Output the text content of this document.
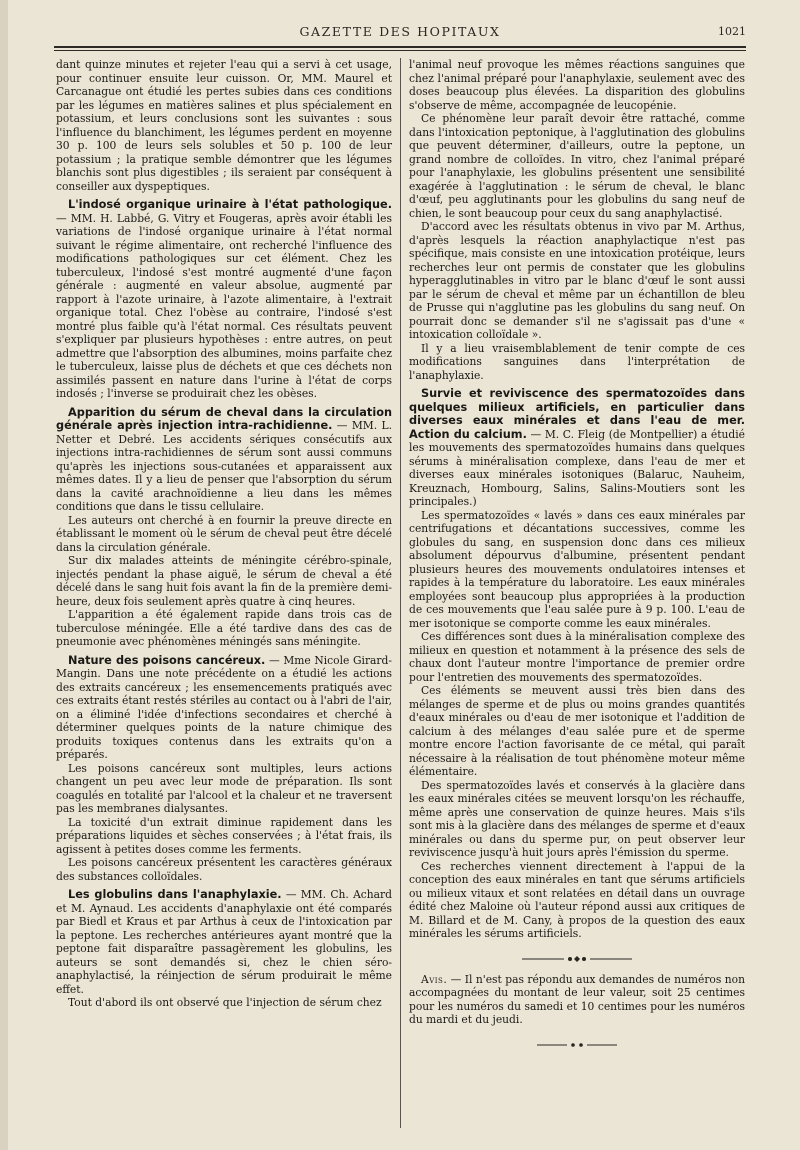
GAZETTE DES HOPITAUX	1021

dant quinze minutes et rejeter l'eau qui a servi à cet usage, pour continuer ensuite leur cuisson. Or, MM. Maurel et Carcanague ont étudié les pertes subies dans ces conditions par les légumes en matières salines et plus spécialement en potassium, et leurs conclusions sont les suivantes : sous l'influence du blanchiment, les légumes perdent en moyenne 30 p. 100 de leurs sels solubles et 50 p. 100 de leur potassium ; la pratique semble démontrer que les légumes blanchis sont plus digestibles ; ils seraient par conséquent à conseiller aux dyspeptiques.

L'indosé organique urinaire à l'état pathologique. — MM. H. Labbé, G. Vitry et Fougeras, après avoir établi les variations de l'indosé organique urinaire à l'état normal suivant le régime alimentaire, ont recherché l'influence des modifications pathologiques sur cet élément. Chez les tuberculeux, l'indosé s'est montré augmenté d'une façon générale : augmenté en valeur absolue, augmenté par rapport à l'azote urinaire, à l'azote alimentaire, à l'extrait organique total. Chez l'obèse au contraire, l'indosé s'est montré plus faible qu'à l'état normal. Ces résultats peuvent s'expliquer par plusieurs hypothèses : entre autres, on peut admettre que l'absorption des albumines, moins parfaite chez le tuberculeux, laisse plus de déchets et que ces déchets non assimilés passent en nature dans l'urine à l'état de corps indosés ; l'inverse se produirait chez les obèses.

Apparition du sérum de cheval dans la circulation générale après injection intra-rachidienne. — MM. L. Netter et Debré. Les accidents sériques consécutifs aux injections intra-rachidiennes de sérum sont aussi communs qu'après les injections sous-cutanées et apparaissent aux mêmes dates. Il y a lieu de penser que l'absorption du sérum dans la cavité arachnoïdienne a lieu dans les mêmes conditions que dans le tissu cellulaire.

Les auteurs ont cherché à en fournir la preuve directe en établissant le moment où le sérum de cheval peut être décelé dans la circulation générale.

Sur dix malades atteints de méningite cérébro-spinale, injectés pendant la phase aiguë, le sérum de cheval a été décelé dans le sang huit fois avant la fin de la première demi-heure, deux fois seulement après quatre à cinq heures.

L'apparition a été également rapide dans trois cas de tuberculose méningée. Elle a été tardive dans des cas de pneumonie avec phénomènes méningés sans méningite.

Nature des poisons cancéreux. — Mme Nicole Girard-Mangin. Dans une note précédente on a étudié les actions des extraits cancéreux ; les ensemencements pratiqués avec ces extraits étant restés stériles au contact ou à l'abri de l'air, on a éliminé l'idée d'infections secondaires et cherché à déterminer quelques points de la nature chimique des produits toxiques contenus dans les extraits qu'on a préparés.

Les poisons cancéreux sont multiples, leurs actions changent un peu avec leur mode de préparation. Ils sont coagulés en totalité par l'alcool et la chaleur et ne traversent pas les membranes dialysantes.

La toxicité d'un extrait diminue rapidement dans les préparations liquides et sèches conservées ; à l'état frais, ils agissent à petites doses comme les ferments.

Les poisons cancéreux présentent les caractères généraux des substances colloïdales.

Les globulins dans l'anaphylaxie. — MM. Ch. Achard et M. Aynaud. Les accidents d'anaphylaxie ont été comparés par Biedl et Kraus et par Arthus à ceux de l'intoxication par la peptone. Les recherches antérieures ayant montré que la peptone fait disparaître passagèrement les globulins, les auteurs se sont demandés si, chez le chien séro-anaphylactisé, la réinjection de sérum produirait le même effet.

Tout d'abord ils ont observé que l'injection de sérum chez

l'animal neuf provoque les mêmes réactions sanguines que chez l'animal préparé pour l'anaphylaxie, seulement avec des doses beaucoup plus élevées. La disparition des globulins s'observe de même, accompagnée de leucopénie.

Ce phénomène leur paraît devoir être rattaché, comme dans l'intoxication peptonique, à l'agglutination des globulins que peuvent déterminer, d'ailleurs, outre la peptone, un grand nombre de colloïdes. In vitro, chez l'animal préparé pour l'anaphylaxie, les globulins présentent une sensibilité exagérée à l'agglutination : le sérum de cheval, le blanc d'œuf, peu agglutinants pour les globulins du sang neuf de chien, le sont beaucoup pour ceux du sang anaphylactisé.

D'accord avec les résultats obtenus in vivo par M. Arthus, d'après lesquels la réaction anaphylactique n'est pas spécifique, mais consiste en une intoxication protéique, leurs recherches leur ont permis de constater que les globulins hyperagglutinables in vitro par le blanc d'œuf le sont aussi par le sérum de cheval et même par un échantillon de bleu de Prusse qui n'agglutine pas les globulins du sang neuf. On pourrait donc se demander s'il ne s'agissait pas d'une « intoxication colloïdale ».

Il y a lieu vraisemblablement de tenir compte de ces modifications sanguines dans l'interprétation de l'anaphylaxie.

Survie et reviviscence des spermatozoïdes dans quelques milieux artificiels, en particulier dans diverses eaux minérales et dans l'eau de mer. Action du calcium. — M. C. Fleig (de Montpellier) a étudié les mouvements des spermatozoïdes humains dans quelques sérums à minéralisation complexe, dans l'eau de mer et diverses eaux minérales isotoniques (Balaruc, Nauheim, Kreuznach, Hombourg, Salins, Salins-Moutiers sont les principales.)

Les spermatozoïdes « lavés » dans ces eaux minérales par centrifugations et décantations successives, comme les globules du sang, en suspension donc dans ces milieux absolument dépourvus d'albumine, présentent pendant plusieurs heures des mouvements ondulatoires intenses et rapides à la température du laboratoire. Les eaux minérales employées sont beaucoup plus appropriées à la production de ces mouvements que l'eau salée pure à 9 p. 100. L'eau de mer isotonique se comporte comme les eaux minérales.

Ces différences sont dues à la minéralisation complexe des milieux en question et notamment à la présence des sels de chaux dont l'auteur montre l'importance de premier ordre pour l'entretien des mouvements des spermatozoïdes.

Ces éléments se meuvent aussi très bien dans des mélanges de sperme et de plus ou moins grandes quantités d'eaux minérales ou d'eau de mer isotonique et l'addition de calcium à des mélanges d'eau salée pure et de sperme montre encore l'action favorisante de ce métal, qui paraît nécessaire à la réalisation de tout phénomène moteur même élémentaire.

Des spermatozoïdes lavés et conservés à la glacière dans les eaux minérales citées se meuvent lorsqu'on les réchauffe, même après une conservation de quinze heures. Mais s'ils sont mis à la glacière dans des mélanges de sperme et d'eaux minérales ou dans du sperme pur, on peut observer leur reviviscence jusqu'à huit jours après l'émission du sperme.

Ces recherches viennent directement à l'appui de la conception des eaux minérales en tant que sérums artificiels ou milieux vitaux et sont relatées en détail dans un ouvrage édité chez Maloine où l'auteur répond aussi aux critiques de M. Billard et de M. Cany, à propos de la question des eaux minérales les sérums artificiels.

Avis. — Il n'est pas répondu aux demandes de numéros non accompagnées du montant de leur valeur, soit 25 centimes pour les numéros du samedi et 10 centimes pour les numéros du mardi et du jeudi.
